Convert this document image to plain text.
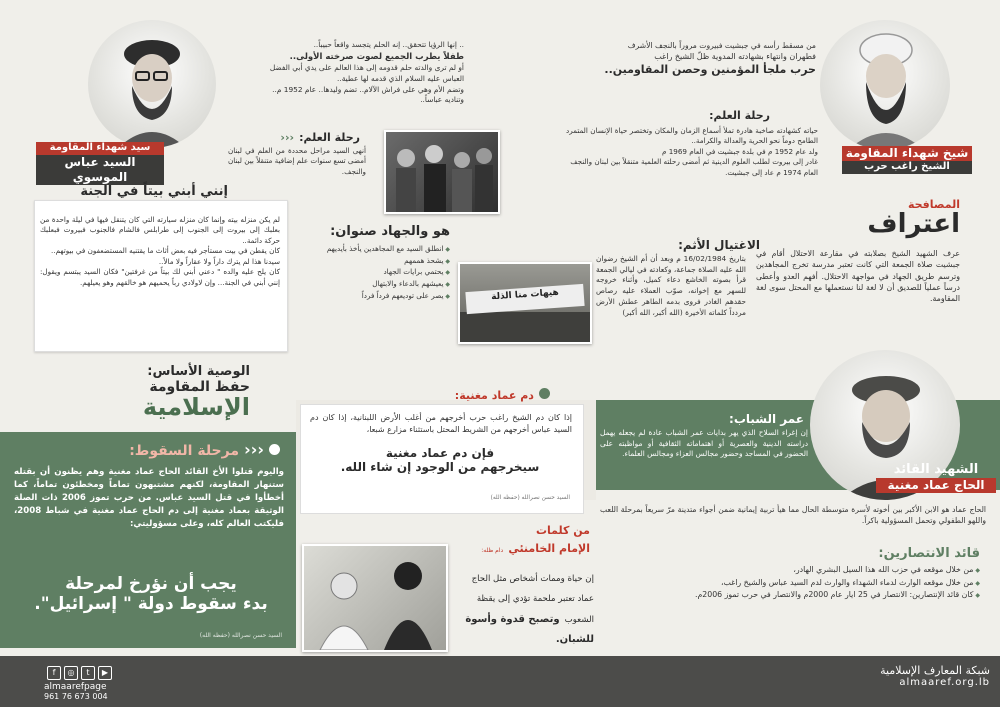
سيد شهداء المقاومة
السيد عباس الموسوي

.. إنها الرؤيا تتحقق.. إنه الحلم يتجسد واقعاً حبيباً..

طفلاً يطرب الجميع لصوت صرخته الأولى..

أو لم ترى والدته حلم قدومه إلى هذا العالم على يدي أبي الفضل

العباس عليه السلام الذي قدمه لها عطية..

وتضم الأم وهي على فراش الآلام.. تضم وليدها.. عام 1952 م..

وتناديه عباساً..

رحلة العلم: ‹‹‹
أنهى السيد مراحل محددة من العلم في لبنان أمضى تسع سنوات علم إضافية متنقلاً بين لبنان والنجف.
إنني أبني بيتاً في الجنة

لم يكن منزله بيته وإنما كان منزله سيارته التي كان يتنقل فيها في ليلة واحدة من بعلبك إلى بيروت إلى الجنوب إلى طرابلس فالشام فالجنوب فبيروت فبعلبك حركة دائمة..

كان يقطن في بيت مستأجر فيه بعض أثاث ما يقتنيه المستضعفون في بيوتهم..

سيدنا هذا لم يترك داراً ولا عقاراً ولا مالاً..

كان يلح عليه والده " دعني أبني لك بيتاً من غرفتين" فكان السيد يبتسم ويقول: إنني أبني في الجنة... وإن لاولادي رباً يحميهم هو خالقهم وهو يعيلهم.

هو والجهاد صنوان:
◆ انطلق السيد مع المجاهدين يأخذ بأيديهم
◆ يشحذ هممهم
◆ يحتمي برايات الجهاد
◆ يعيشهم بالدعاء والابتهال
◆ يصر على توديعهم فرداً فرداً	هيهات منا الذلة
من مسقط رأسه في جبشيت فبيروت مروراً بالنجف الأشرف
فطهران وانتهاء بشهادته المدوية ظلّ الشيخ راغب
حرب ملجأ المؤمنين وحصن المقاومين..
شيخ شهداء المقاومة
الشيخ راغب حرب
رحلة العلم:

حياته كشهادته صاخبة هادرة تملأ أسماع الزمان والمكان وتختصر حياة الإنسان المتمرد الطامح دوماً نحو الحرية والعدالة والكرامة..

ولد عام 1952 م في بلدة جبشيت في العام 1969 م

غادر إلى بيروت لطلب العلوم الدينية ثم أمضى رحلته العلمية متنقلاً بين لبنان والنجف

العام 1974 م عاد إلى جبشيت.

المصافحة
اعتراف
عرف الشهيد الشيخ بصلابته في مقارعة الاحتلال أقام في جبشيت صلاة الجمعة التي كانت تعتبر مدرسة تخرج المجاهدين وترسم طريق الجهاد في مواجهة الاحتلال. أفهم العدو وأعطى درساً عملياً للصديق أن لا لغة لنا نستعملها مع المحتل سوى لغة المقاومة.
الاغتيال الأثم:
بتاريخ 16/02/1984 م وبعد أن أم الشيخ رضوان الله عليه الصلاة جماعة، وكعادته في ليالي الجمعة قرأ بصوته الخاشع دعاء كميل، وأثناء خروجه للسهر مع إخوانه، صوّب العملاء عليه رصاص حقدهم الغادر فروى بدمه الطاهر عطش الأرض مردداً كلماته الأخيرة (الله أكبر، الله أكبر)
الوصية الأساس:
حفظ المقاومة
الإسلامية
‹‹‹ مرحلة السقوط:
واليوم قتلوا الأخ القائد الحاج عماد مغنية وهم يظنون أن بقتله ستنهار المقاومة، لكنهم مشتبهون تماماً ومخطئون تماماً، كما أخطأوا في قتل السيد عباس. من حرب تموز 2006 ذات الصلة الوثيقة بعماد مغنية إلى دم الحاج عماد مغنية في شباط 2008، فليكتب العالم كله، وعلى مسؤوليتي:
يجب أن نؤرخ لمرحلة
بدء سقوط دولة " إسرائيل".
السيد حسن نصرالله (حفظه الله)
دم عماد مغنية:
إذا كان دم الشيخ راغب حرب أخرجهم من أغلب الأرض اللبنانية، إذا كان دم السيد عباس أخرجهم من الشريط المحتل باستثناء مزارع شبعا،
فإن دم عماد مغنية
سيخرجهم من الوجود إن شاء الله.
السيد حسن نصرالله (حفظه الله)
من كلمات
الإمام الخامنئي دام ظله:
إن حياة وممات أشخاص مثل الحاج عماد تعتبر ملحمة تؤدي إلى يقظة الشعوب وتصبح قدوة وأسوة للشبان.
الشهيد القائد
الحاج عماد مغنية
عمر الشباب:
إن إغراء السلاح الذي يهر بدايات عمر الشباب عادة لم يجعله يهمل دراسته الدينية والعصرية أو اهتماماته الثقافية أو مواظبته على الحضور في المساجد وحضور مجالس العزاء ومجالس العلماء.
الحاج عماد هو الابن الأكبر بين أخوته لأسرة متوسطة الحال مما هيأ تربية إيمانية ضمن أجواء متدينة مرّ سريعاً بمرحلة اللعب واللهو الطفولي وتحمل المسؤولية باكراً.
قائد الانتصارين:
◆ من خلال موقعه في حزب الله هذا السيل البشري الهادر،
◆ من خلال موقعه الوارث لدماء الشهداء والوارث لدم السيد عباس والشيخ راغب،
◆ كان قائد الإنتصارين: الانتصار في 25 ايار عام 2000م والانتصار في حرب تموز 2006م.
شبكة المعارف الإسلامية
almaaref.org.lb
f ◎ t ▶
almaarefpage
961 76 673 004
